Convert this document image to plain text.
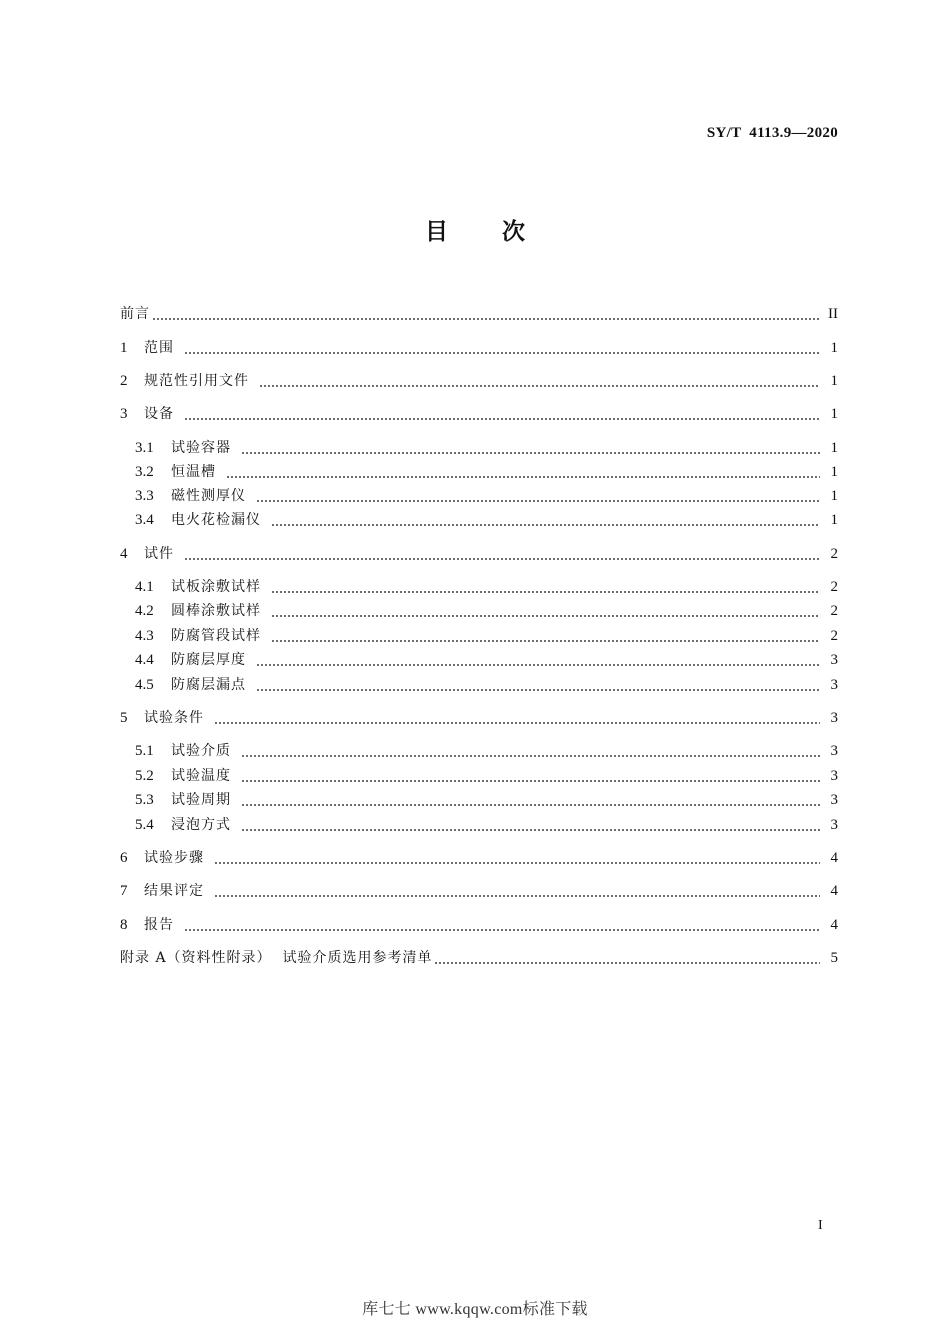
SY/T  4113.9—2020
目 次
前言	II
1	范围	1
2	规范性引用文件	1
3	设备	1
3.1	试验容器	1
3.2	恒温槽	1
3.3	磁性测厚仪	1
3.4	电火花检漏仪	1
4	试件	2
4.1	试板涂敷试样	2
4.2	圆棒涂敷试样	2
4.3	防腐管段试样	2
4.4	防腐层厚度	3
4.5	防腐层漏点	3
5	试验条件	3
5.1	试验介质	3
5.2	试验温度	3
5.3	试验周期	3
5.4	浸泡方式	3
6	试验步骤	4
7	结果评定	4
8	报告	4
附录 A（资料性附录）  试验介质选用参考清单	5
I
库七七 www.kqqw.com标准下载
